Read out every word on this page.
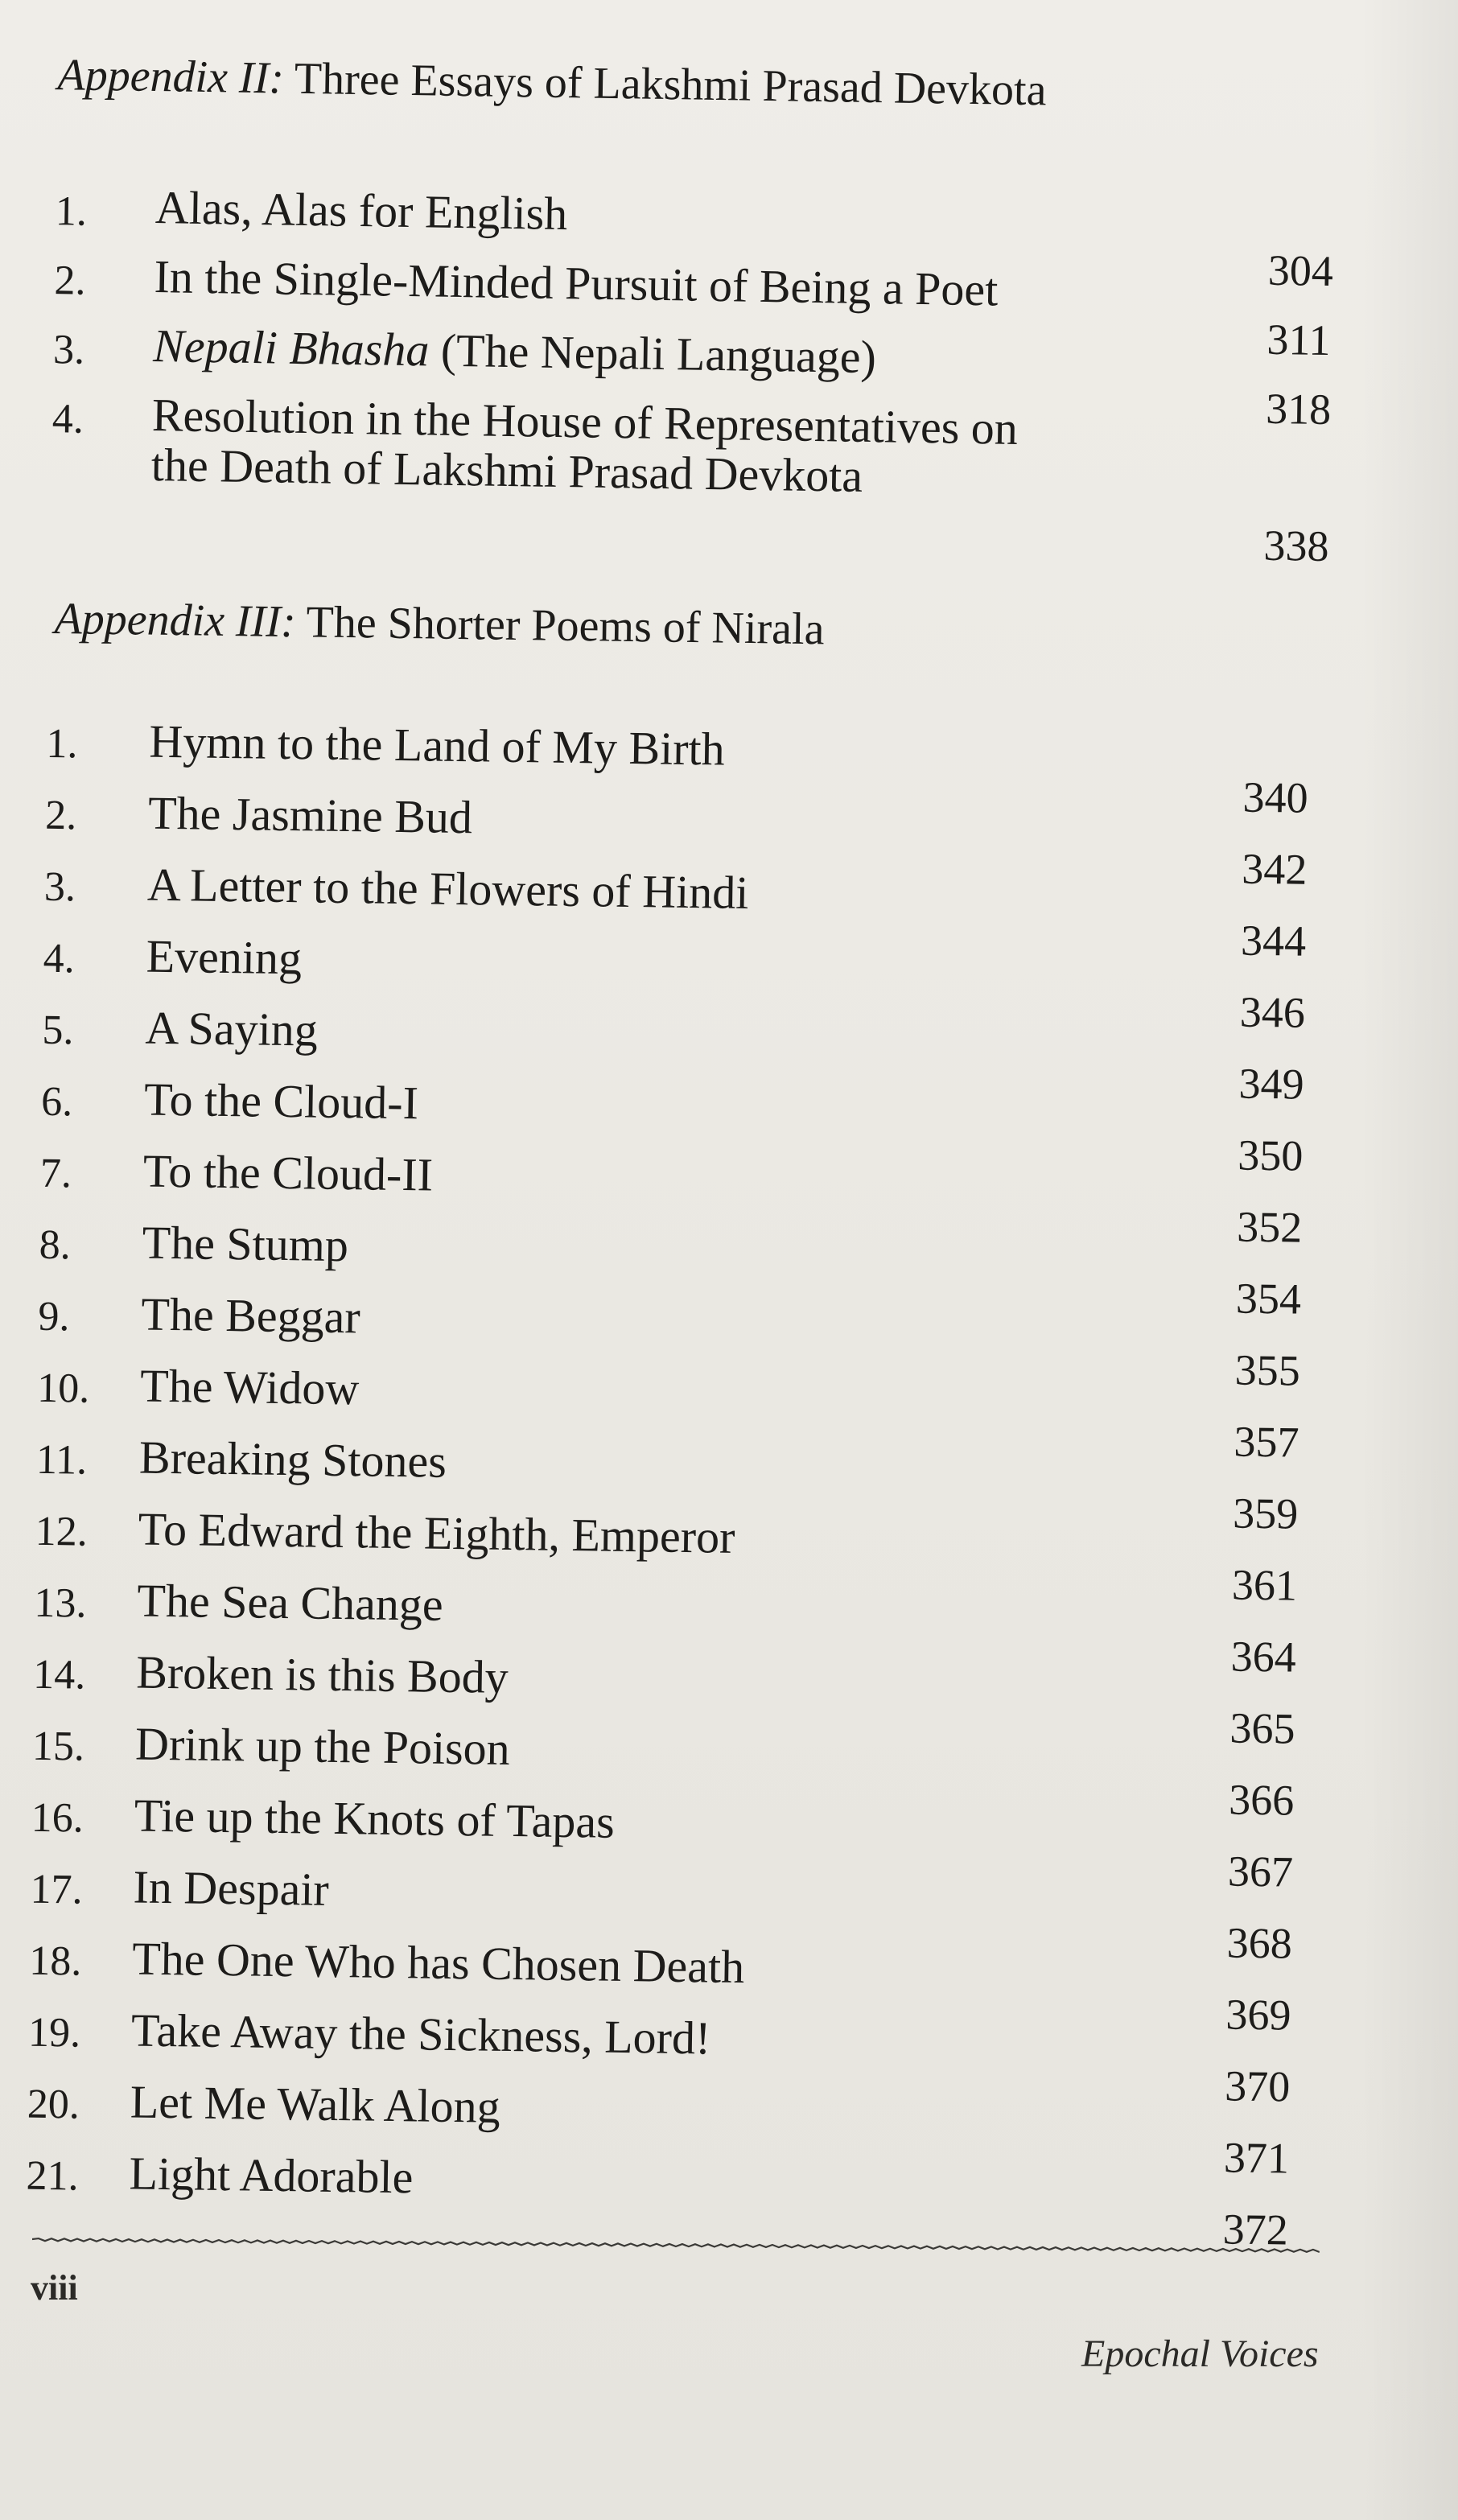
Appendix II: Three Essays of Lakshmi Prasad Devkota
1. Alas, Alas for English
304
2. In the Single-Minded Pursuit of Being a Poet
311
3. Nepali Bhasha (The Nepali Language)
318
4. Resolution in the House of Representatives on
the Death of Lakshmi Prasad Devkota
338
Appendix III: The Shorter Poems of Nirala
1. Hymn to the Land of My Birth
340
2. The Jasmine Bud
342
3. A Letter to the Flowers of Hindi
344
4. Evening
346
5. A Saying
349
6. To the Cloud-I
350
7. To the Cloud-II
352
8. The Stump
354
9. The Beggar
355
10. The Widow
357
11. Breaking Stones
359
12. To Edward the Eighth, Emperor
361
13. The Sea Change
364
14. Broken is this Body
365
15. Drink up the Poison
366
16. Tie up the Knots of Tapas
367
17. In Despair
368
18. The One Who has Chosen Death
369
19. Take Away the Sickness, Lord!
370
20. Let Me Walk Along
371
21. Light Adorable
372
viii
Epochal Voices
